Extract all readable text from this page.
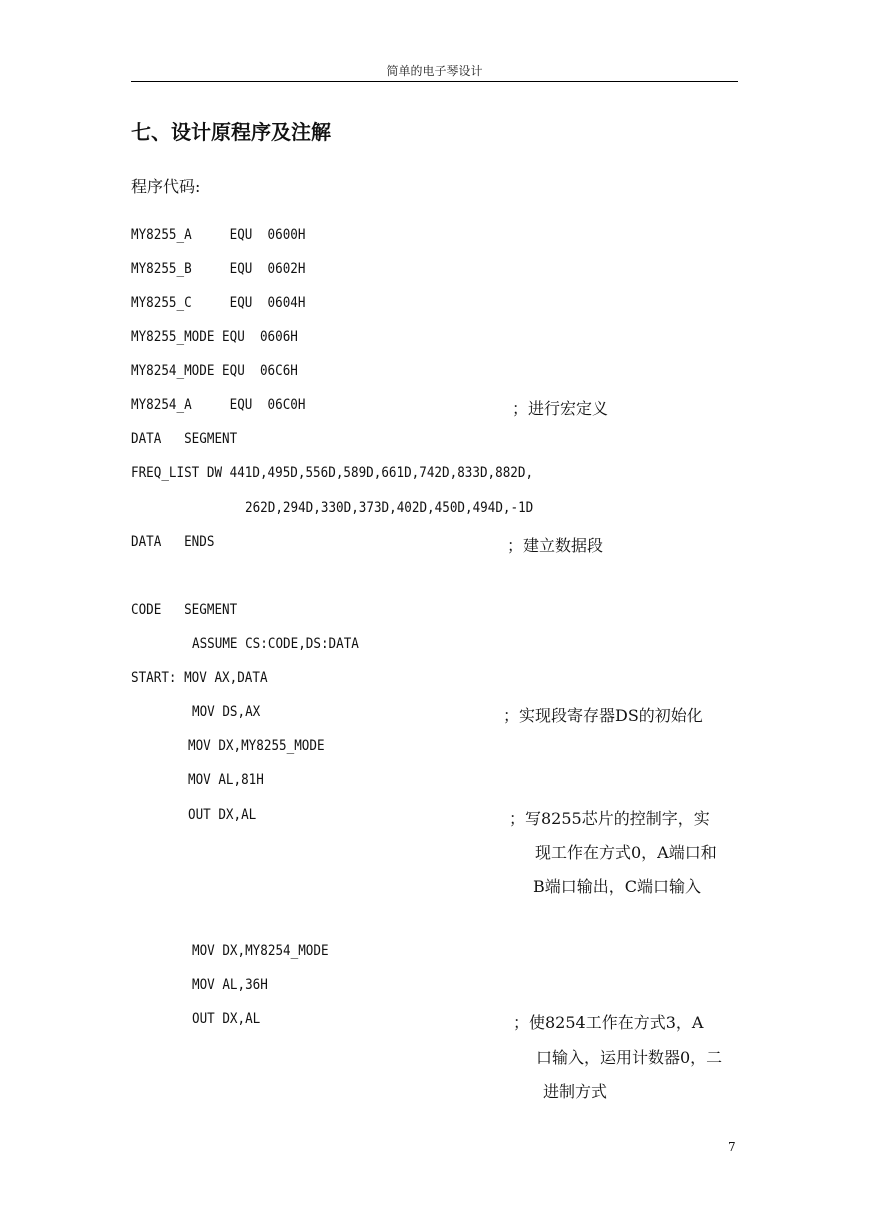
简单的电子琴设计
七、设计原程序及注解
程序代码:
MY8255_A     EQU  0600H
MY8255_B     EQU  0602H
MY8255_C     EQU  0604H
MY8255_MODE EQU  0606H
MY8254_MODE EQU  06C6H
MY8254_A     EQU  06C0H	；进行宏定义
DATA   SEGMENT
FREQ_LIST DW 441D,495D,556D,589D,661D,742D,833D,882D,
262D,294D,330D,373D,402D,450D,494D,-1D
DATA   ENDS	；建立数据段
CODE   SEGMENT
ASSUME CS:CODE,DS:DATA
START: MOV AX,DATA
MOV DS,AX	；实现段寄存器DS的初始化
MOV DX,MY8255_MODE
MOV AL,81H
OUT DX,AL	；写8255芯片的控制字，实
现工作在方式0，A端口和
B端口输出，C端口输入
MOV DX,MY8254_MODE
MOV AL,36H
OUT DX,AL	；使8254工作在方式3，A
口输入，运用计数器0，二
进制方式
7
